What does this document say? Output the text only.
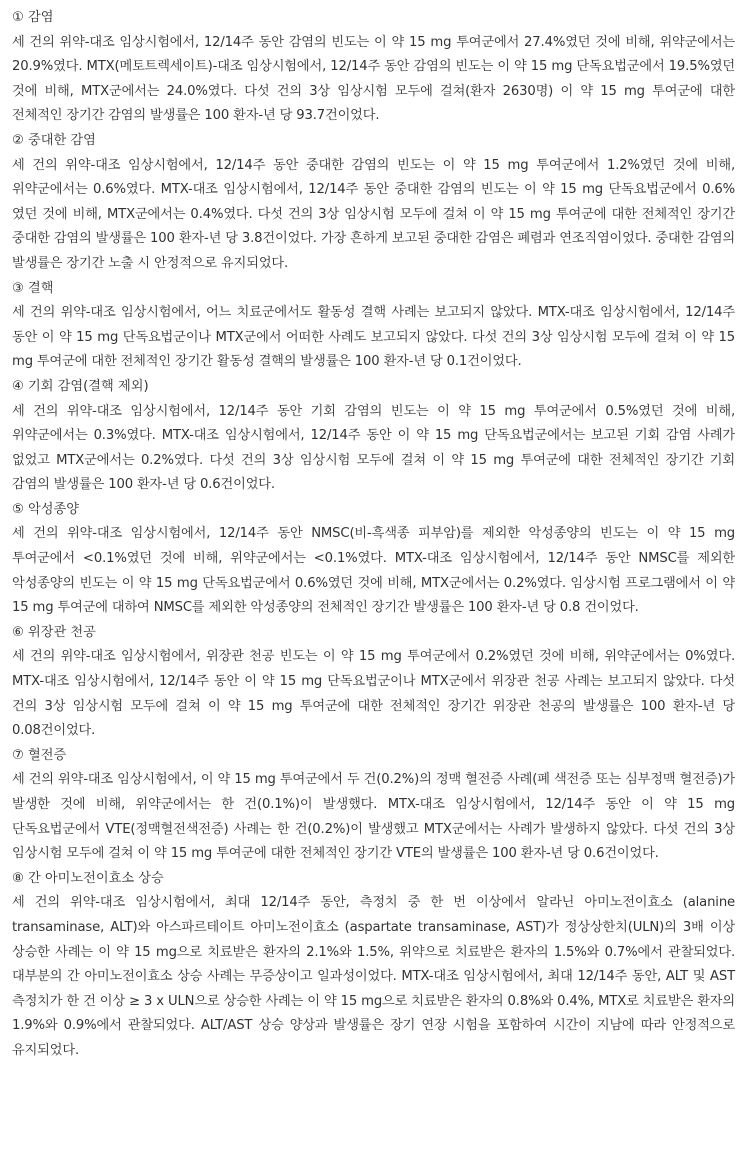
① 감염

세 건의 위약-대조 임상시험에서, 12/14주 동안 감염의 빈도는 이 약 15 mg 투여군에서 27.4%였던 것에 비해, 위약군에서는 20.9%였다. MTX(메토트렉세이트)-대조 임상시험에서, 12/14주 동안 감염의 빈도는 이 약 15 mg 단독요법군에서 19.5%였던 것에 비해, MTX군에서는 24.0%였다. 다섯 건의 3상 임상시험 모두에 걸쳐(환자 2630명) 이 약 15 mg 투여군에 대한 전체적인 장기간 감염의 발생률은 100 환자-년 당 93.7건이었다.

② 중대한 감염

세 건의 위약-대조 임상시험에서, 12/14주 동안 중대한 감염의 빈도는 이 약 15 mg 투여군에서 1.2%였던 것에 비해, 위약군에서는 0.6%였다. MTX-대조 임상시험에서, 12/14주 동안 중대한 감염의 빈도는 이 약 15 mg 단독요법군에서 0.6%였던 것에 비해, MTX군에서는 0.4%였다. 다섯 건의 3상 임상시험 모두에 걸쳐 이 약 15 mg 투여군에 대한 전체적인 장기간 중대한 감염의 발생률은 100 환자-년 당 3.8건이었다. 가장 흔하게 보고된 중대한 감염은 폐렴과 연조직염이었다. 중대한 감염의 발생률은 장기간 노출 시 안정적으로 유지되었다.

③ 결핵

세 건의 위약-대조 임상시험에서, 어느 치료군에서도 활동성 결핵 사례는 보고되지 않았다. MTX-대조 임상시험에서, 12/14주 동안 이 약 15 mg 단독요법군이나 MTX군에서 어떠한 사례도 보고되지 않았다. 다섯 건의 3상 임상시험 모두에 걸쳐 이 약 15 mg 투여군에 대한 전체적인 장기간 활동성 결핵의 발생률은 100 환자-년 당 0.1건이었다.

④ 기회 감염(결핵 제외)

세 건의 위약-대조 임상시험에서, 12/14주 동안 기회 감염의 빈도는 이 약 15 mg 투여군에서 0.5%였던 것에 비해, 위약군에서는 0.3%였다. MTX-대조 임상시험에서, 12/14주 동안 이 약 15 mg 단독요법군에서는 보고된 기회 감염 사례가 없었고 MTX군에서는 0.2%였다. 다섯 건의 3상 임상시험 모두에 걸쳐 이 약 15 mg 투여군에 대한 전체적인 장기간 기회 감염의 발생률은 100 환자-년 당 0.6건이었다.

⑤ 악성종양

세 건의 위약-대조 임상시험에서, 12/14주 동안 NMSC(비-흑색종 피부암)를 제외한 악성종양의 빈도는 이 약 15 mg 투여군에서 <0.1%였던 것에 비해, 위약군에서는 <0.1%였다. MTX-대조 임상시험에서, 12/14주 동안 NMSC를 제외한 악성종양의 빈도는 이 약 15 mg 단독요법군에서 0.6%였던 것에 비해, MTX군에서는 0.2%였다. 임상시험 프로그램에서 이 약 15 mg 투여군에 대하여 NMSC를 제외한 악성종양의 전체적인 장기간 발생률은 100 환자-년 당 0.8 건이었다.

⑥ 위장관 천공

세 건의 위약-대조 임상시험에서, 위장관 천공 빈도는 이 약 15 mg 투여군에서 0.2%였던 것에 비해, 위약군에서는 0%였다. MTX-대조 임상시험에서, 12/14주 동안 이 약 15 mg 단독요법군이나 MTX군에서 위장관 천공 사례는 보고되지 않았다. 다섯 건의 3상 임상시험 모두에 걸쳐 이 약 15 mg 투여군에 대한 전체적인 장기간 위장관 천공의 발생률은 100 환자-년 당 0.08건이었다.

⑦ 혈전증

세 건의 위약-대조 임상시험에서, 이 약 15 mg 투여군에서 두 건(0.2%)의 정맥 혈전증 사례(폐 색전증 또는 심부정맥 혈전증)가 발생한 것에 비해, 위약군에서는 한 건(0.1%)이 발생했다. MTX-대조 임상시험에서, 12/14주 동안 이 약 15 mg 단독요법군에서 VTE(정맥혈전색전증) 사례는 한 건(0.2%)이 발생했고 MTX군에서는 사례가 발생하지 않았다. 다섯 건의 3상 임상시험 모두에 걸쳐 이 약 15 mg 투여군에 대한 전체적인 장기간 VTE의 발생률은 100 환자-년 당 0.6건이었다.

⑧ 간 아미노전이효소 상승

세 건의 위약-대조 임상시험에서, 최대 12/14주 동안, 측정치 중 한 번 이상에서 알라닌 아미노전이효소 (alanine transaminase, ALT)와 아스파르테이트 아미노전이효소 (aspartate transaminase, AST)가 정상상한치(ULN)의 3배 이상 상승한 사례는 이 약 15 mg으로 치료받은 환자의 2.1%와 1.5%, 위약으로 치료받은 환자의 1.5%와 0.7%에서 관찰되었다. 대부분의 간 아미노전이효소 상승 사례는 무증상이고 일과성이었다. MTX-대조 임상시험에서, 최대 12/14주 동안, ALT 및 AST 측정치가 한 건 이상 ≥ 3 x ULN으로 상승한 사례는 이 약 15 mg으로 치료받은 환자의 0.8%와 0.4%, MTX로 치료받은 환자의 1.9%와 0.9%에서 관찰되었다. ALT/AST 상승 양상과 발생률은 장기 연장 시험을 포함하여 시간이 지남에 따라 안정적으로 유지되었다.
